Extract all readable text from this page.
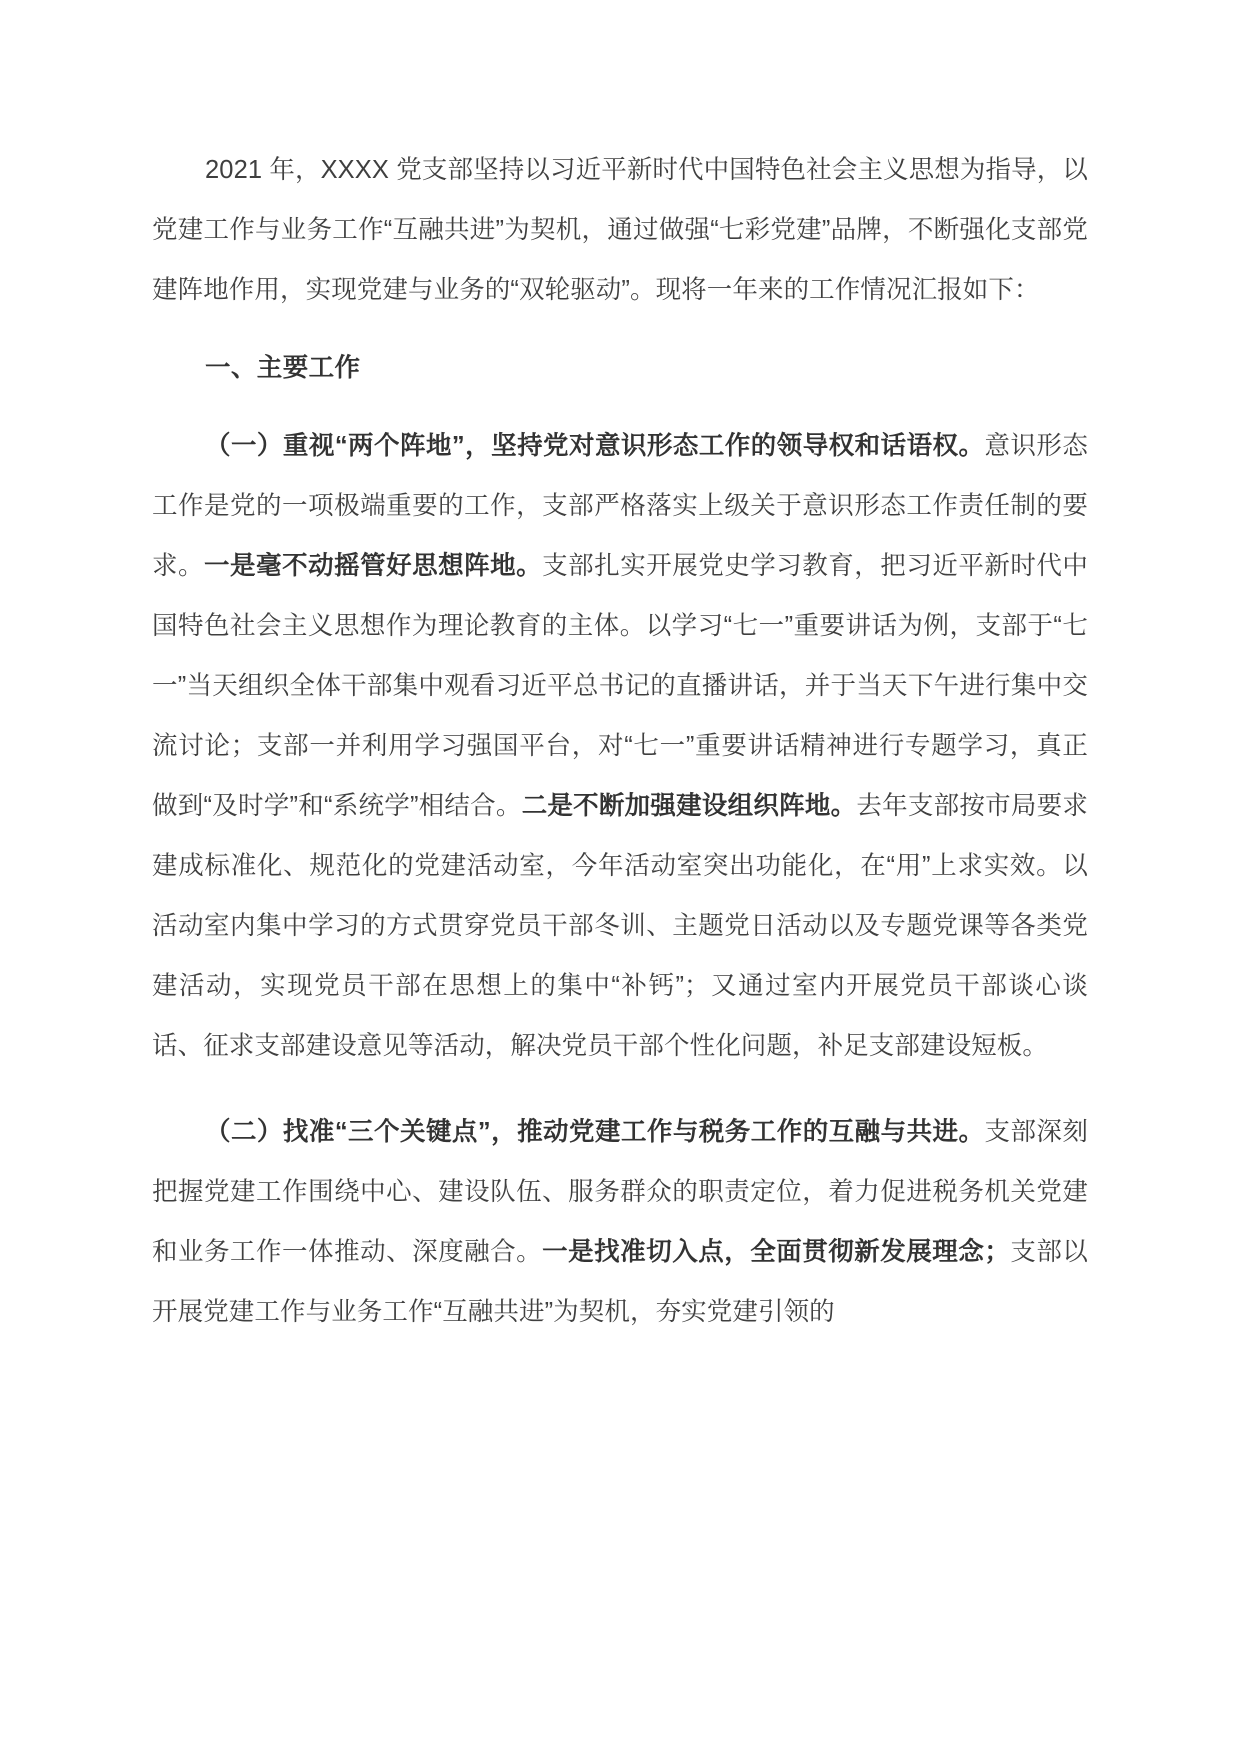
2021 年，XXXX 党支部坚持以习近平新时代中国特色社会主义思想为指导，以党建工作与业务工作“互融共进”为契机，通过做强“七彩党建”品牌，不断强化支部党建阵地作用，实现党建与业务的“双轮驱动”。现将一年来的工作情况汇报如下：

一、主要工作

（一）重视“两个阵地”，坚持党对意识形态工作的领导权和话语权。意识形态工作是党的一项极端重要的工作，支部严格落实上级关于意识形态工作责任制的要求。一是毫不动摇管好思想阵地。支部扎实开展党史学习教育，把习近平新时代中国特色社会主义思想作为理论教育的主体。以学习“七一”重要讲话为例，支部于“七一”当天组织全体干部集中观看习近平总书记的直播讲话，并于当天下午进行集中交流讨论；支部一并利用学习强国平台，对“七一”重要讲话精神进行专题学习，真正做到“及时学”和“系统学”相结合。二是不断加强建设组织阵地。去年支部按市局要求建成标准化、规范化的党建活动室，今年活动室突出功能化，在“用”上求实效。以活动室内集中学习的方式贯穿党员干部冬训、主题党日活动以及专题党课等各类党建活动，实现党员干部在思想上的集中“补钙”；又通过室内开展党员干部谈心谈话、征求支部建设意见等活动，解决党员干部个性化问题，补足支部建设短板。

（二）找准“三个关键点”，推动党建工作与税务工作的互融与共进。支部深刻把握党建工作围绕中心、建设队伍、服务群众的职责定位，着力促进税务机关党建和业务工作一体推动、深度融合。一是找准切入点，全面贯彻新发展理念；支部以开展党建工作与业务工作“互融共进”为契机，夯实党建引领的
